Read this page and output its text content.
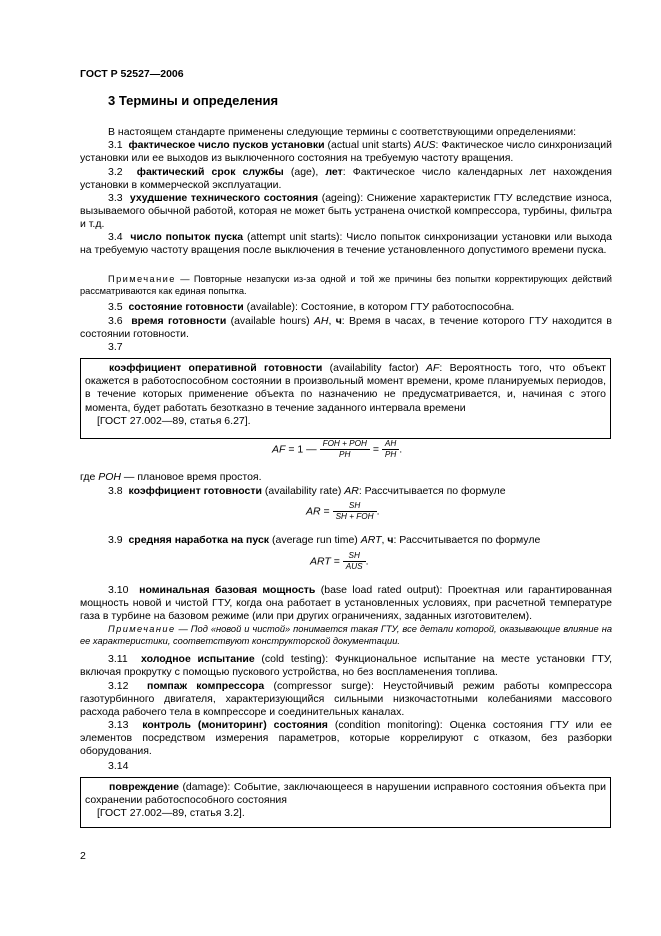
ГОСТ Р 52527—2006
3 Термины и определения
В настоящем стандарте применены следующие термины с соответствующими определениями:
3.1 фактическое число пусков установки (actual unit starts) AUS: Фактическое число синхронизаций установки или ее выходов из выключенного состояния на требуемую частоту вращения.
3.2 фактический срок службы (age), лет: Фактическое число календарных лет нахождения установки в коммерческой эксплуатации.
3.3 ухудшение технического состояния (ageing): Снижение характеристик ГТУ вследствие износа, вызываемого обычной работой, которая не может быть устранена очисткой компрессора, турбины, фильтра и т.д.
3.4 число попыток пуска (attempt unit starts): Число попыток синхронизации установки или выхода на требуемую частоту вращения после выключения в течение установленного допустимого времени пуска.
Примечание — Повторные незапуски из-за одной и той же причины без попытки корректирующих действий рассматриваются как единая попытка.
3.5 состояние готовности (available): Состояние, в котором ГТУ работоспособна.
3.6 время готовности (available hours) AH, ч: Время в часах, в течение которого ГТУ находится в состоянии готовности.
3.7
коэффициент оперативной готовности (availability factor) AF: Вероятность того, что объект окажется в работоспособном состоянии в произвольный момент времени, кроме планируемых периодов, в течение которых применение объекта по назначению не предусматривается, и, начиная с этого момента, будет работать безотказно в течение заданного интервала времени
[ГОСТ 27.002—89, статья 6.27].
AF = 1 — $\frac{\text{FOH + POH}}{PH} = \frac{AH}{PH}$ .
где POH — плановое время простоя.
3.8 коэффициент готовности (availability rate) AR: Рассчитывается по формуле
AR = $\frac{SH}{\text{SH + FOH}}$ .
3.9 средняя наработка на пуск (average run time) ART, ч: Рассчитывается по формуле
ART = $\frac{SH}{\text{AUS}}$ .
3.10 номинальная базовая мощность (base load rated output): Проектная или гарантированная мощность новой и чистой ГТУ, когда она работает в установленных условиях, при расчетной температуре газа в турбине на базовом режиме (или при других ограничениях, заданных изготовителем).
Примечание — Под «новой и чистой» понимается такая ГТУ, все детали которой, оказывающие влияние на ее характеристики, соответствуют конструкторской документации.
3.11 холодное испытание (cold testing): Функциональное испытание на месте установки ГТУ, включая прокрутку с помощью пускового устройства, но без воспламенения топлива.
3.12 помпаж компрессора (compressor surge): Неустойчивый режим работы компрессора газотурбинного двигателя, характеризующийся сильными низкочастотными колебаниями массового расхода рабочего тела в компрессоре и соединительных каналах.
3.13 контроль (мониторинг) состояния (condition monitoring): Оценка состояния ГТУ или ее элементов посредством измерения параметров, которые коррелируют с отказом, без разборки оборудования.
3.14
повреждение (damage): Событие, заключающееся в нарушении исправного состояния объекта при сохранении работоспособного состояния
[ГОСТ 27.002—89, статья 3.2].
2
